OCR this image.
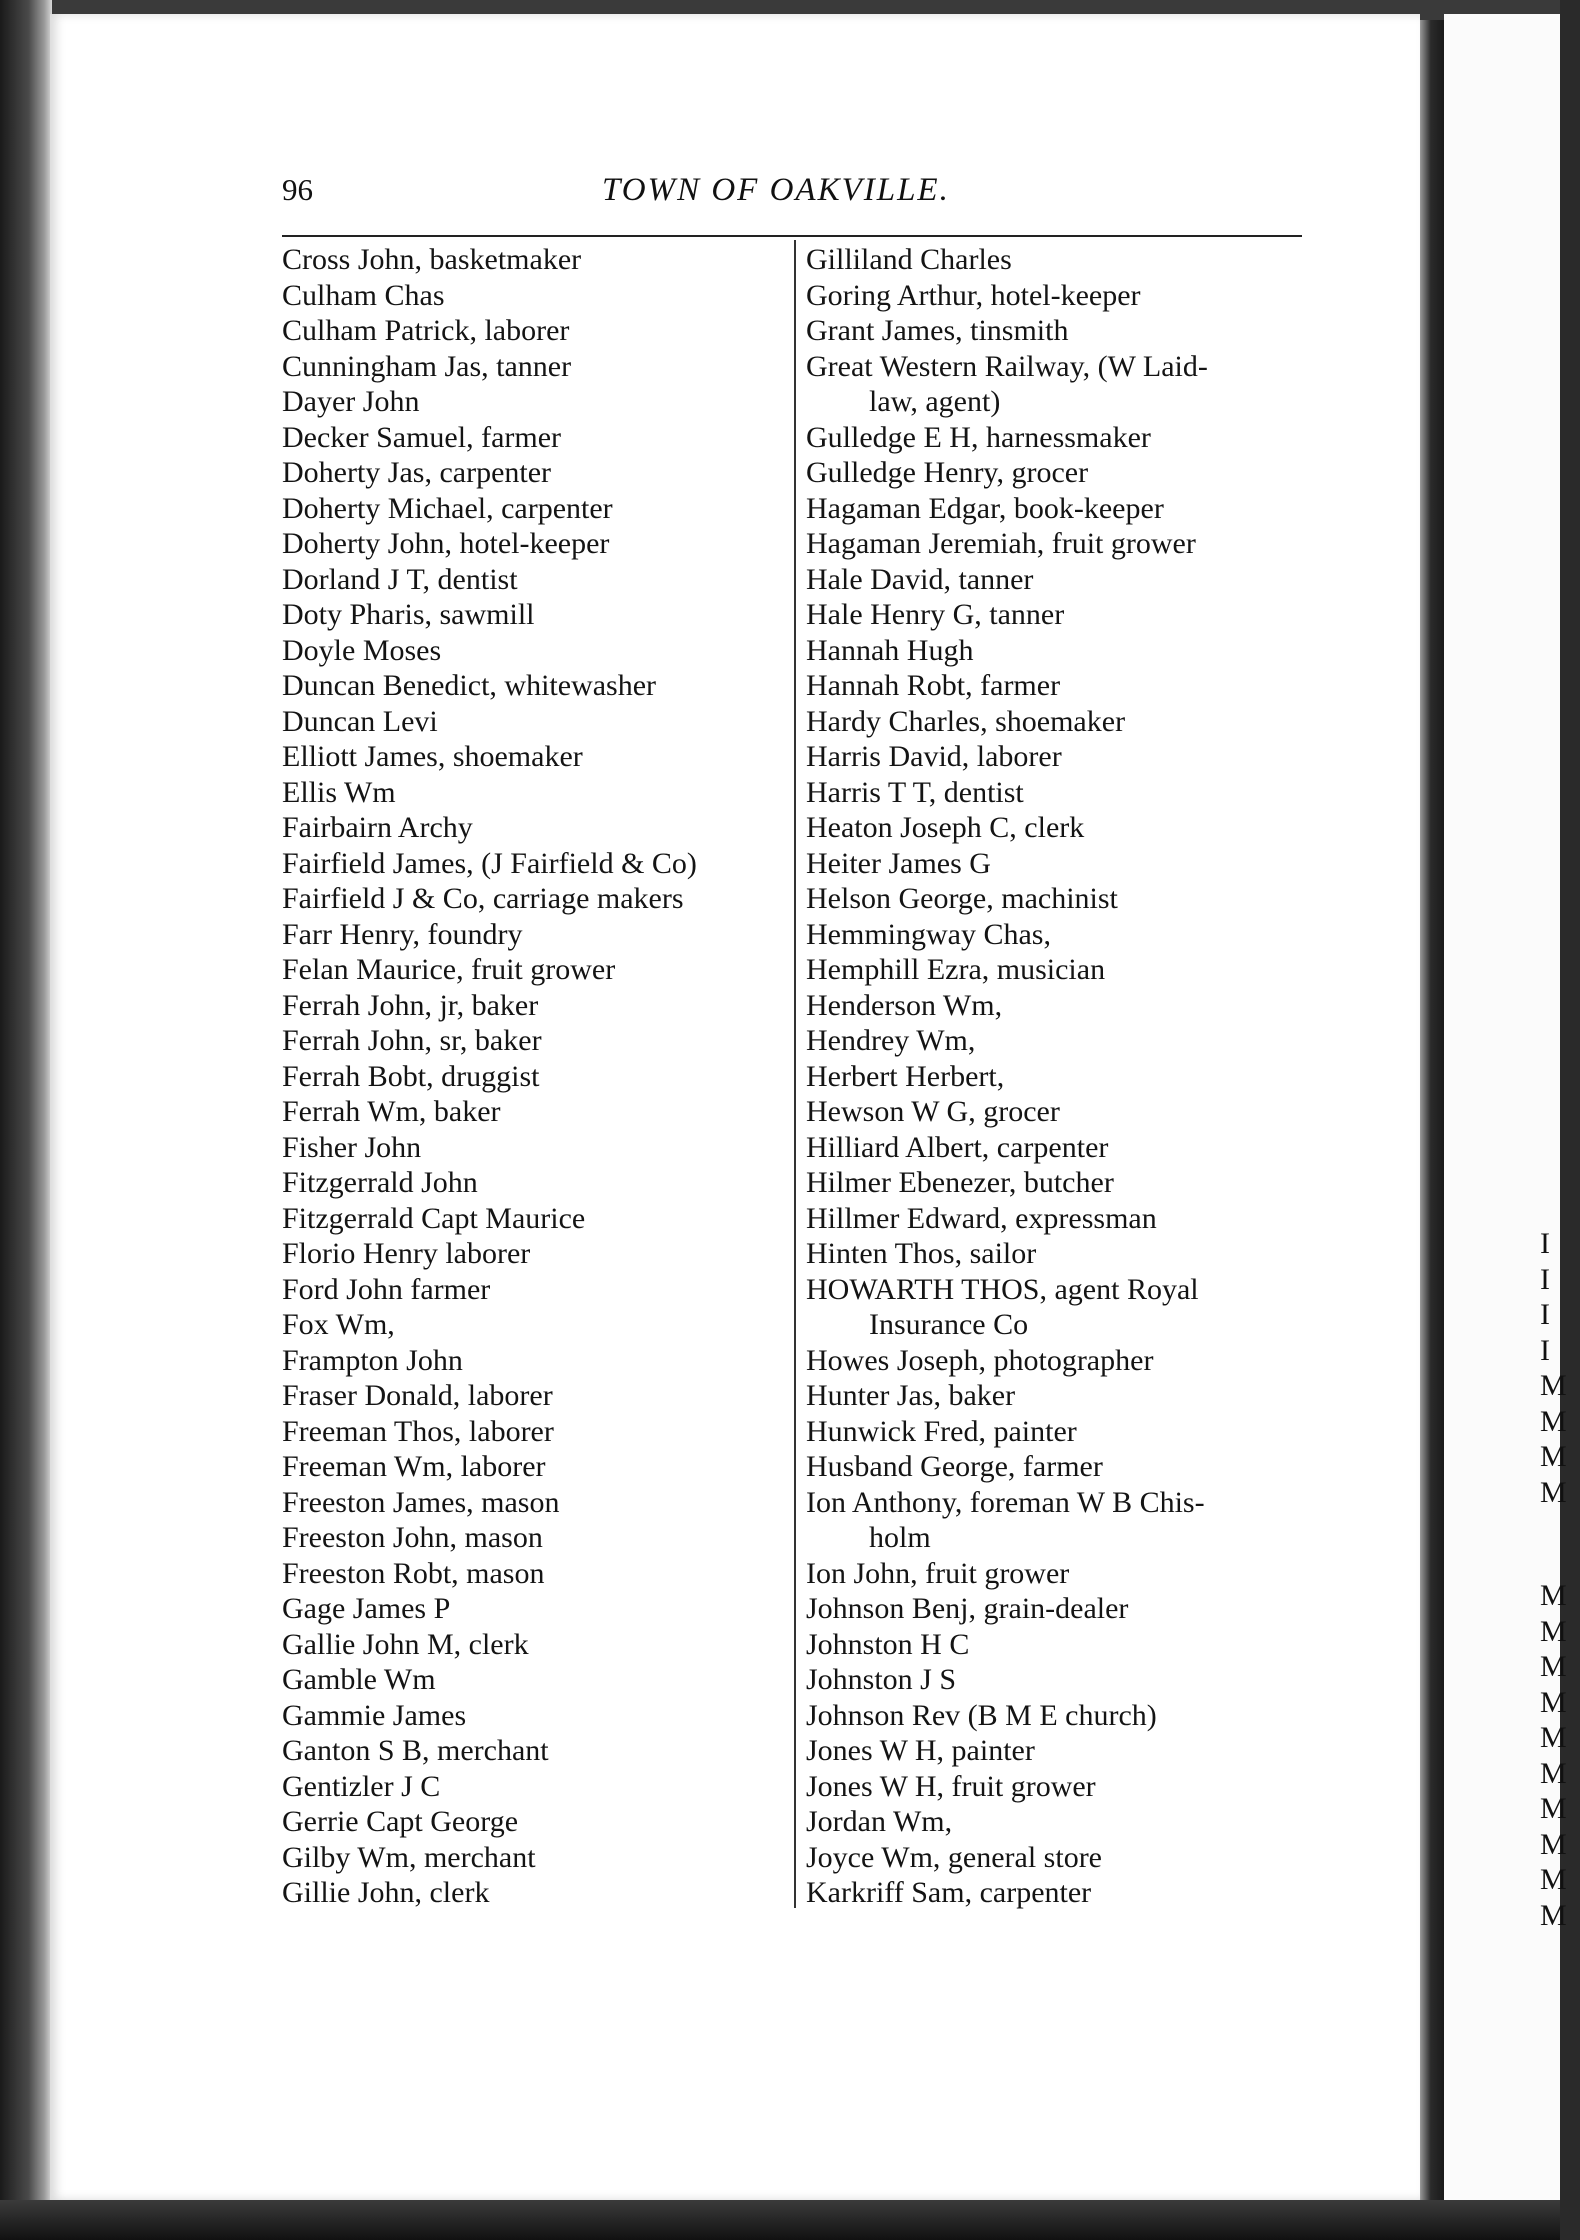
I
I
I
I
M
M
M
M
M
M
M
M
M
M
M
M
M
M
96	TOWN OF OAKVILLE.
Cross John, basketmaker
Culham Chas
Culham Patrick, laborer
Cunningham Jas, tanner
Dayer John
Decker Samuel, farmer
Doherty Jas, carpenter
Doherty Michael, carpenter
Doherty John, hotel-keeper
Dorland J T, dentist
Doty Pharis, sawmill
Doyle Moses
Duncan Benedict, whitewasher
Duncan Levi
Elliott James, shoemaker
Ellis Wm
Fairbairn Archy
Fairfield James, (J Fairfield & Co)
Fairfield J & Co, carriage makers
Farr Henry, foundry
Felan Maurice, fruit grower
Ferrah John, jr, baker
Ferrah John, sr, baker
Ferrah Bobt, druggist
Ferrah Wm, baker
Fisher John
Fitzgerrald John
Fitzgerrald Capt Maurice
Florio Henry laborer
Ford John farmer
Fox Wm,
Frampton John
Fraser Donald, laborer
Freeman Thos, laborer
Freeman Wm, laborer
Freeston James, mason
Freeston John, mason
Freeston Robt, mason
Gage James P
Gallie John M, clerk
Gamble Wm
Gammie James
Ganton S B, merchant
Gentizler J C
Gerrie Capt George
Gilby Wm, merchant
Gillie John, clerk
Gilliland Charles
Goring Arthur, hotel-keeper
Grant James, tinsmith
Great Western Railway, (W Laid-
law, agent)
Gulledge E H, harnessmaker
Gulledge Henry, grocer
Hagaman Edgar, book-keeper
Hagaman Jeremiah, fruit grower
Hale David, tanner
Hale Henry G, tanner
Hannah Hugh
Hannah Robt, farmer
Hardy Charles, shoemaker
Harris David, laborer
Harris T T, dentist
Heaton Joseph C, clerk
Heiter James G
Helson George, machinist
Hemmingway Chas,
Hemphill Ezra, musician
Henderson Wm,
Hendrey Wm,
Herbert Herbert,
Hewson W G, grocer
Hilliard Albert, carpenter
Hilmer Ebenezer, butcher
Hillmer Edward, expressman
Hinten Thos, sailor
HOWARTH THOS, agent Royal
Insurance Co
Howes Joseph, photographer
Hunter Jas, baker
Hunwick Fred, painter
Husband George, farmer
Ion Anthony, foreman W B Chis-
holm
Ion John, fruit grower
Johnson Benj, grain-dealer
Johnston H C
Johnston J S
Johnson Rev (B M E church)
Jones W H, painter
Jones W H, fruit grower
Jordan Wm,
Joyce Wm, general store
Karkriff Sam, carpenter
